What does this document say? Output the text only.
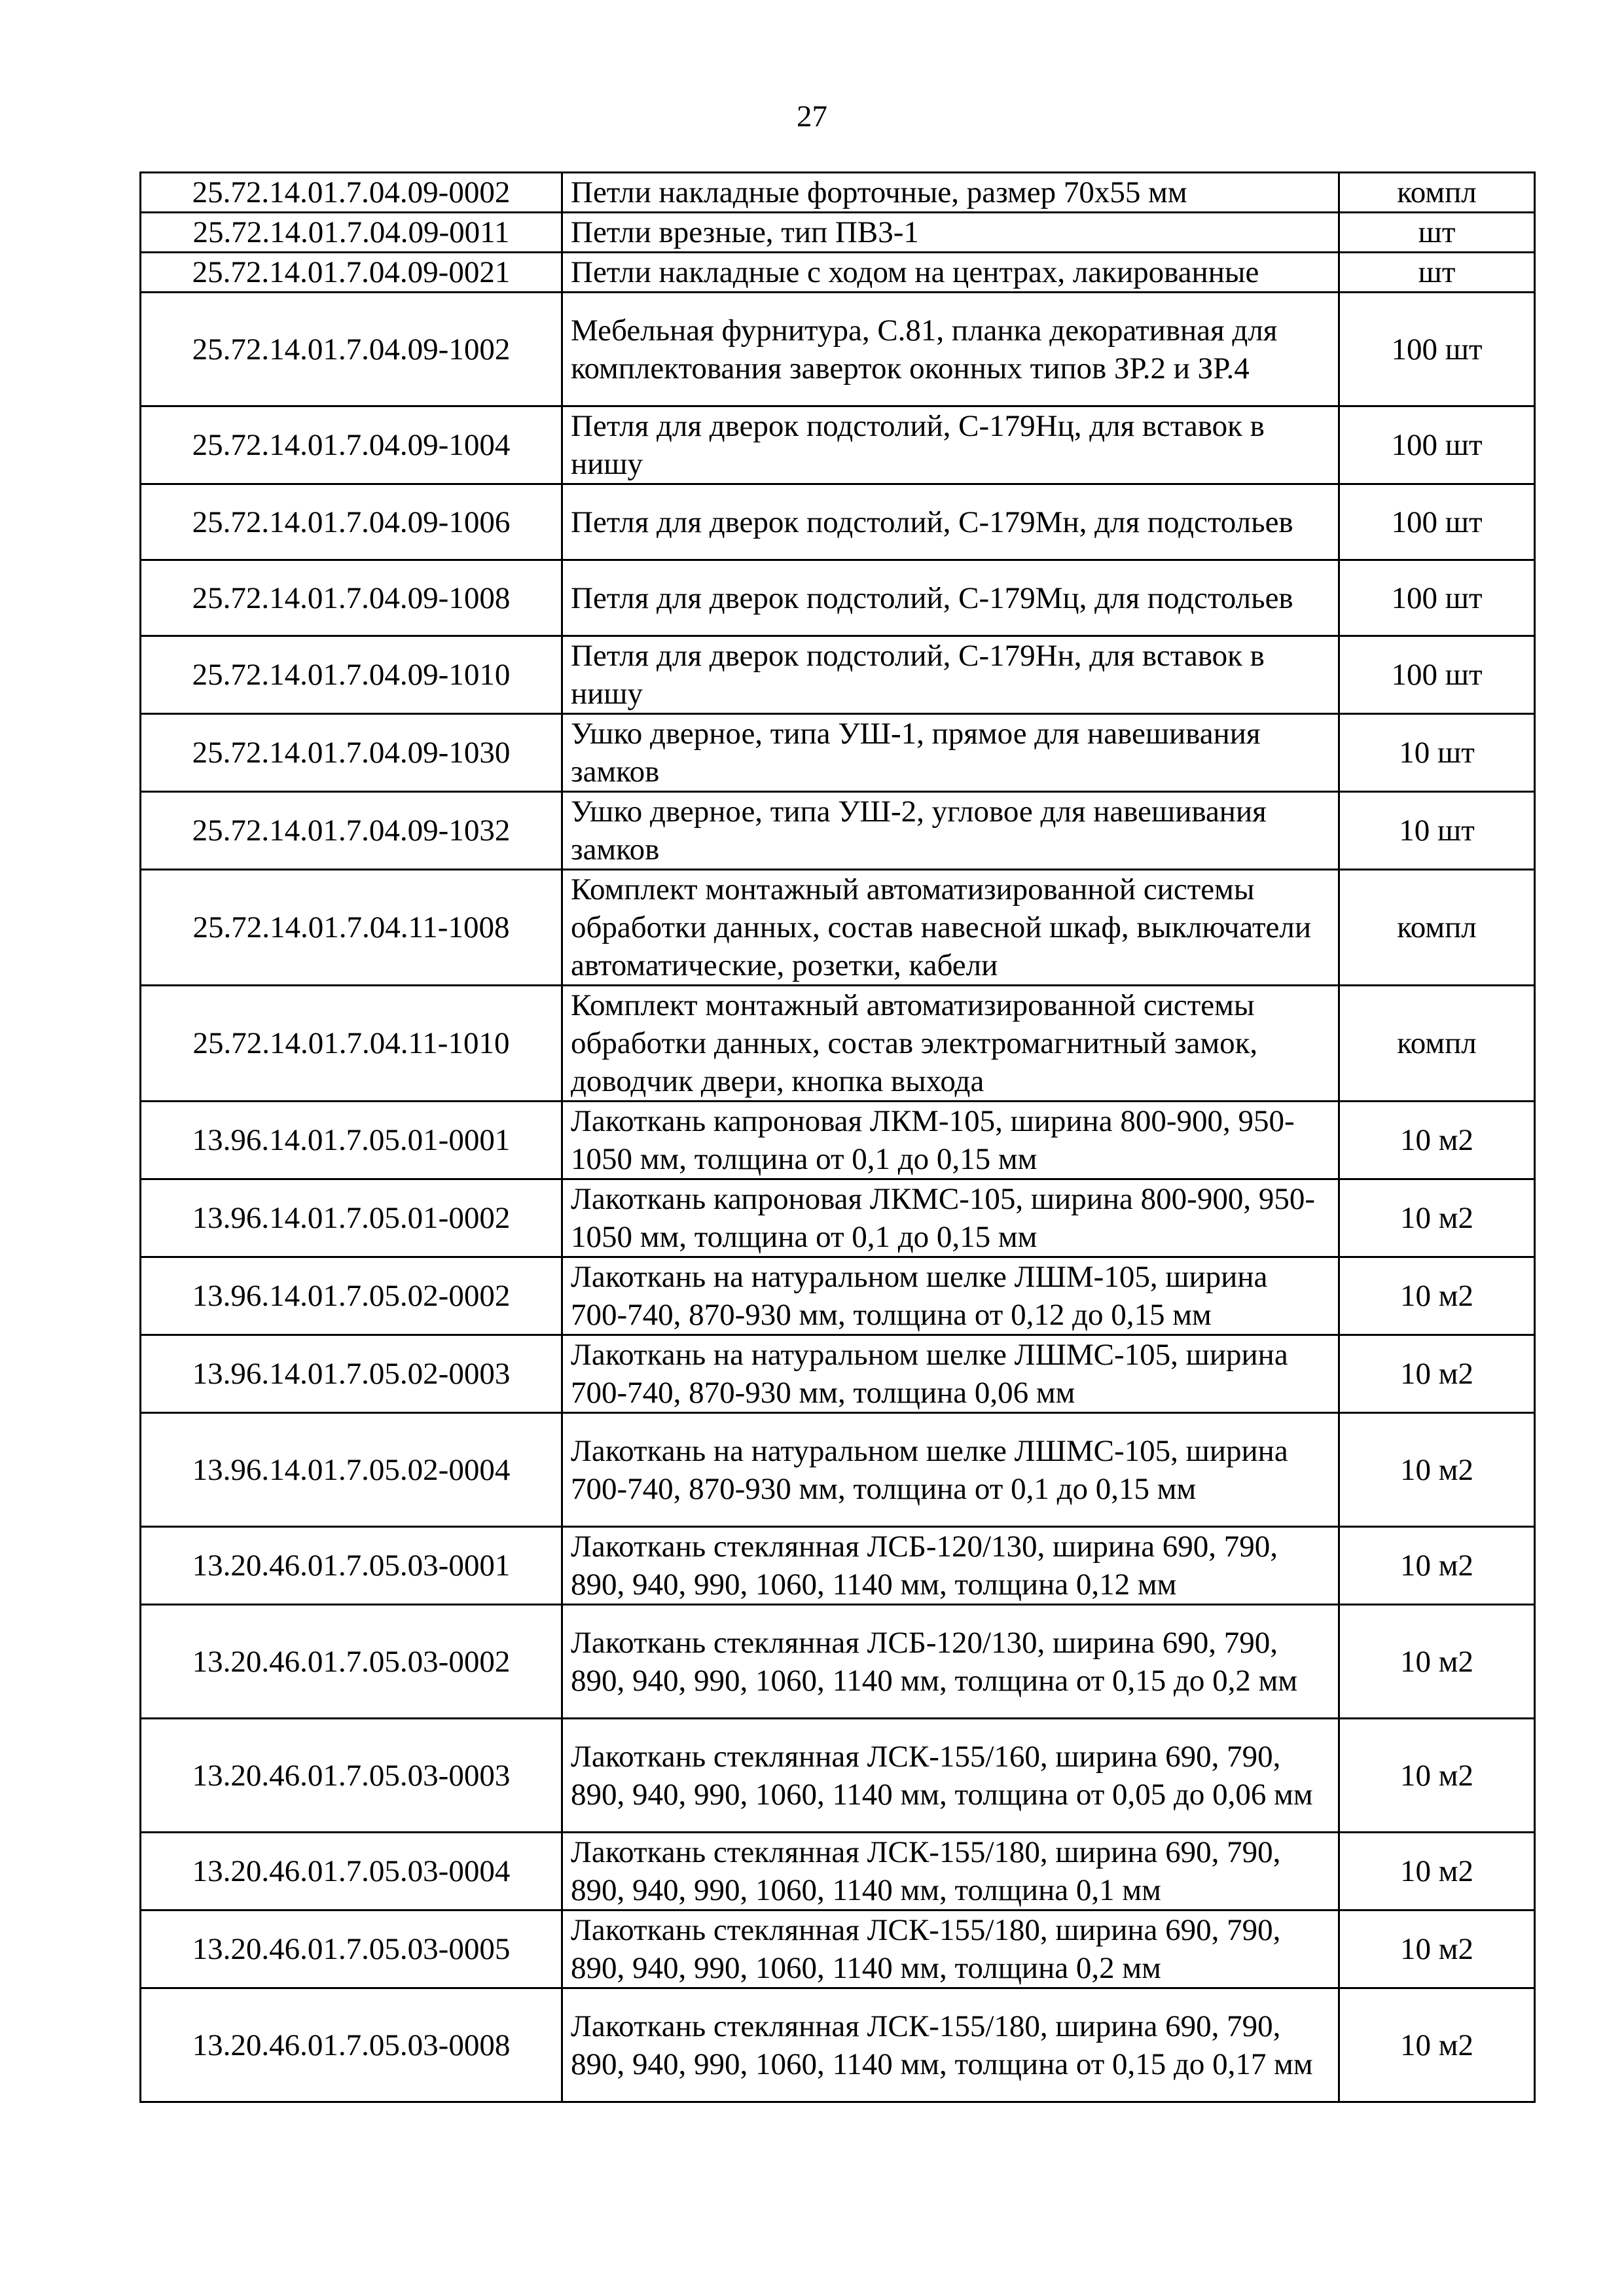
27
25.72.14.01.7.04.09-0002	Петли накладные форточные, размер 70х55 мм	компл
25.72.14.01.7.04.09-0011	Петли врезные, тип ПВ3-1	шт
25.72.14.01.7.04.09-0021	Петли накладные с ходом на центрах, лакированные	шт
25.72.14.01.7.04.09-1002	Мебельная фурнитура, С.81, планка декоративная для комплектования заверток оконных типов ЗР.2 и ЗР.4	100 шт
25.72.14.01.7.04.09-1004	Петля для дверок подстолий, С-179Нц, для вставок в нишу	100 шт
25.72.14.01.7.04.09-1006	Петля для дверок подстолий, С-179Мн, для подстольев	100 шт
25.72.14.01.7.04.09-1008	Петля для дверок подстолий, С-179Мц, для подстольев	100 шт
25.72.14.01.7.04.09-1010	Петля для дверок подстолий, С-179Нн, для вставок в нишу	100 шт
25.72.14.01.7.04.09-1030	Ушко дверное, типа УШ-1, прямое для навешивания замков	10 шт
25.72.14.01.7.04.09-1032	Ушко дверное, типа УШ-2, угловое для навешивания замков	10 шт
25.72.14.01.7.04.11-1008	Комплект монтажный автоматизированной системы обработки данных, состав навесной шкаф, выключатели автоматические, розетки, кабели	компл
25.72.14.01.7.04.11-1010	Комплект монтажный автоматизированной системы обработки данных, состав электромагнитный замок, доводчик двери, кнопка выхода	компл
13.96.14.01.7.05.01-0001	Лакоткань капроновая ЛКМ-105, ширина 800-900, 950-1050 мм, толщина от 0,1 до 0,15 мм	10 м2
13.96.14.01.7.05.01-0002	Лакоткань капроновая ЛКМС-105, ширина 800-900, 950-1050 мм, толщина от 0,1 до 0,15 мм	10 м2
13.96.14.01.7.05.02-0002	Лакоткань на натуральном шелке ЛШМ-105, ширина 700-740, 870-930 мм, толщина от 0,12 до 0,15 мм	10 м2
13.96.14.01.7.05.02-0003	Лакоткань на натуральном шелке ЛШМС-105, ширина 700-740, 870-930 мм, толщина 0,06 мм	10 м2
13.96.14.01.7.05.02-0004	Лакоткань на натуральном шелке ЛШМС-105, ширина 700-740, 870-930 мм, толщина от 0,1 до 0,15 мм	10 м2
13.20.46.01.7.05.03-0001	Лакоткань стеклянная ЛСБ-120/130, ширина 690, 790, 890, 940, 990, 1060, 1140 мм, толщина 0,12 мм	10 м2
13.20.46.01.7.05.03-0002	Лакоткань стеклянная ЛСБ-120/130, ширина 690, 790, 890, 940, 990, 1060, 1140 мм, толщина от 0,15 до 0,2 мм	10 м2
13.20.46.01.7.05.03-0003	Лакоткань стеклянная ЛСК-155/160, ширина 690, 790, 890, 940, 990, 1060, 1140 мм, толщина от 0,05 до 0,06 мм	10 м2
13.20.46.01.7.05.03-0004	Лакоткань стеклянная ЛСК-155/180, ширина 690, 790, 890, 940, 990, 1060, 1140 мм, толщина 0,1 мм	10 м2
13.20.46.01.7.05.03-0005	Лакоткань стеклянная ЛСК-155/180, ширина 690, 790, 890, 940, 990, 1060, 1140 мм, толщина 0,2 мм	10 м2
13.20.46.01.7.05.03-0008	Лакоткань стеклянная ЛСК-155/180, ширина 690, 790, 890, 940, 990, 1060, 1140 мм, толщина от 0,15 до 0,17 мм	10 м2
